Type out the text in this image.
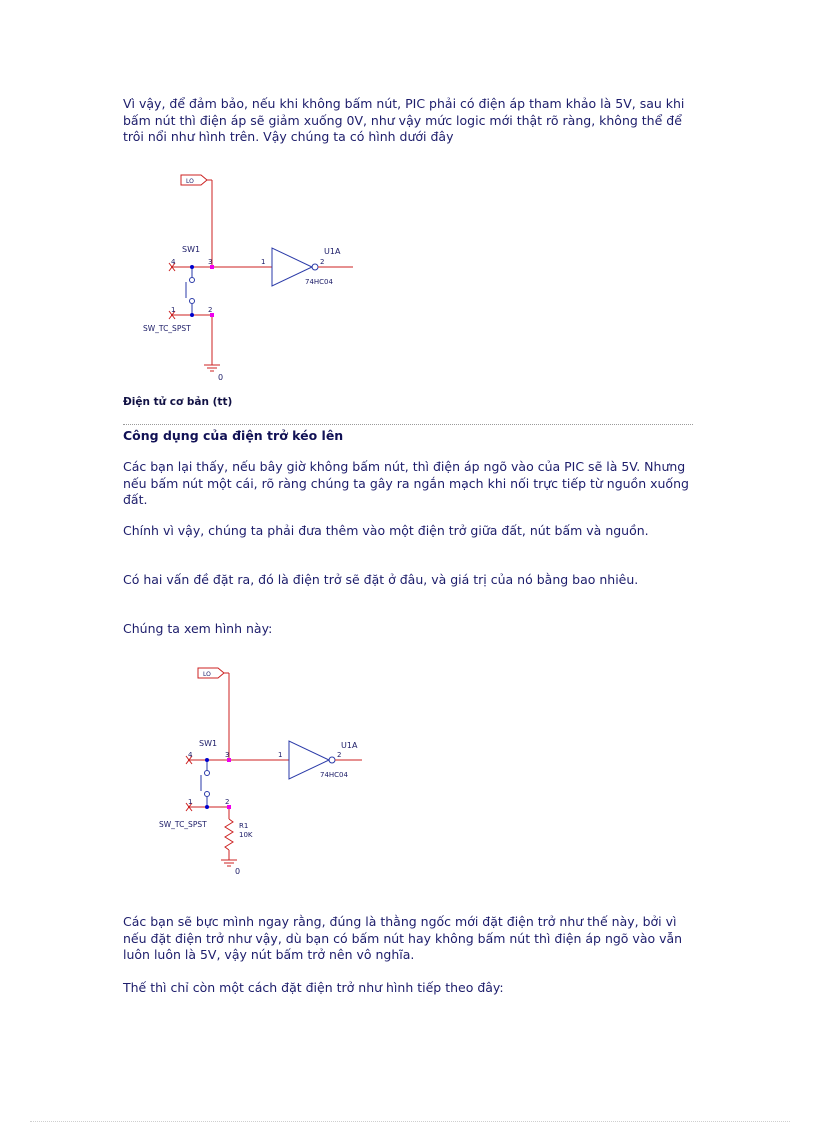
Vì vậy, để đảm bảo, nếu khi không bấm nút, PIC phải có điện áp tham khảo là 5V, sau khi bấm nút thì điện áp sẽ giảm xuống 0V, như vậy mức logic mới thật rõ ràng, không thể để trôi nổi như hình trên. Vậy chúng ta có hình dưới đây

LO
0
4	3
1	2
SW1
SW_TC_SPST
1	2
U1A
74HC04

Điện tử cơ bản (tt)

Công dụng của điện trở kéo lên

Các bạn lại thấy, nếu bây giờ không bấm nút, thì điện áp ngõ vào của PIC sẽ là 5V. Nhưng nếu bấm nút một cái, rõ ràng chúng ta gây ra ngắn mạch khi nối trực tiếp từ nguồn xuống đất.

Chính vì vậy, chúng ta phải đưa thêm vào một điện trở giữa đất, nút bấm và nguồn.

Có hai vấn đề đặt ra, đó là điện trở sẽ đặt ở đâu, và giá trị của nó bằng bao nhiêu.

Chúng ta xem hình này:

LO
0
4	3
1	2
SW1
SW_TC_SPST	R1
10K
1	2
U1A
74HC04

Các bạn sẽ bực mình ngay rằng, đúng là thằng ngốc mới đặt điện trở như thế này, bởi vì nếu đặt điện trở như vậy, dù bạn có bấm nút hay không bấm nút thì điện áp ngõ vào vẫn luôn luôn là 5V, vậy nút bấm trở nên vô nghĩa.

Thế thì chỉ còn một cách đặt điện trở như hình tiếp theo đây:
